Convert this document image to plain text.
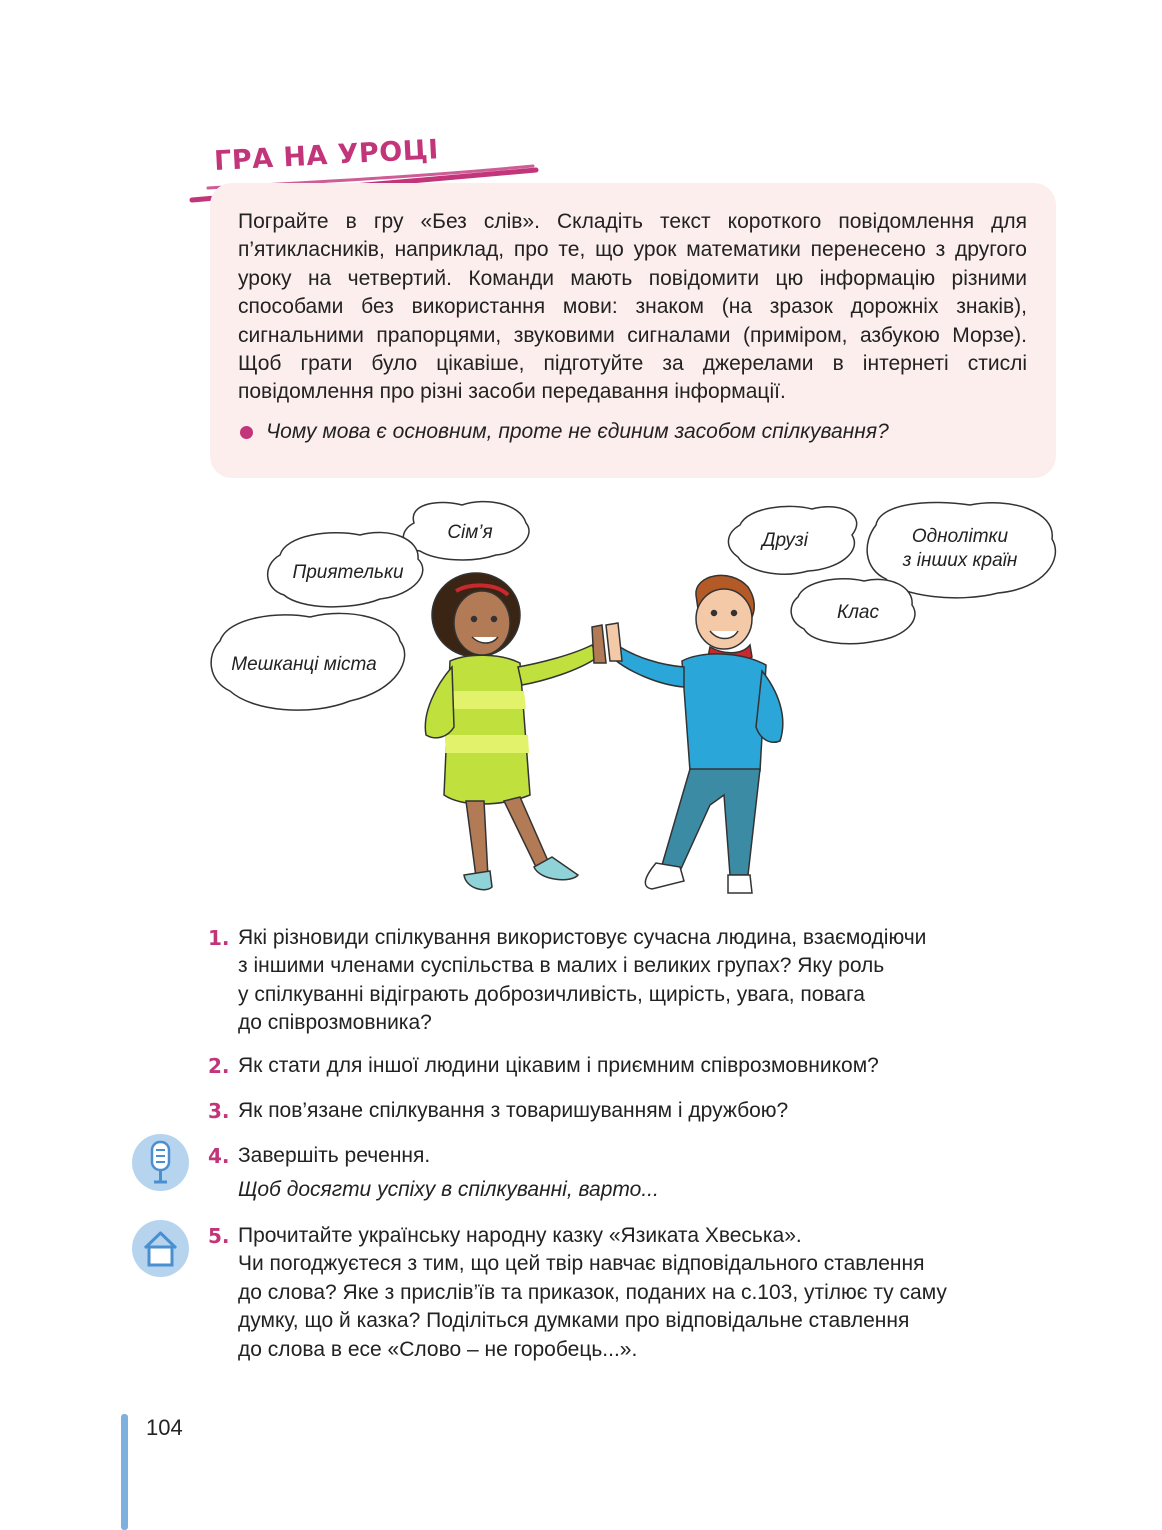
ГРА НА УРОЦІ
Пограйте в гру «Без слів». Складіть текст короткого повідомлення для п’ятикласників, наприклад, про те, що урок математики перенесено з другого уроку на четвертий. Команди мають повідомити цю інформацію різними способами без використання мови: знаком (на зразок дорожніх знаків), сигнальними прапорцями, звуковими сигналами (приміром, азбукою Морзе). Щоб грати було цікавіше, підготуйте за джерелами в інтернеті стислі повідомлення про різні засоби передавання інформації.
Чому мова є основним, проте не єдиним засобом спілкування?
Сім’я
Приятельки
Мешканці міста
Друзі	Однолітки
з інших країн
Клас
1. Які різновиди спілкування використовує сучасна людина, взаємодіючи
з іншими членами суспільства в малих і великих групах? Яку роль
у спілкуванні відіграють доброзичливість, щирість, увага, повага
до співрозмовника?
2. Як стати для іншої людини цікавим і приємним співрозмовником?
3. Як пов’язане спілкування з товаришуванням і дружбою?
4. Завершіть речення.
Щоб досягти успіху в спілкуванні, варто...
5. Прочитайте українську народну казку «Язиката Хвеська».
Чи погоджуєтеся з тим, що цей твір навчає відповідального ставлення
до слова? Яке з прислів’їв та приказок, поданих на с.103, утілює ту саму
думку, що й казка? Поділіться думками про відповідальне ставлення
до слова в есе «Слово – не горобець...».
104
